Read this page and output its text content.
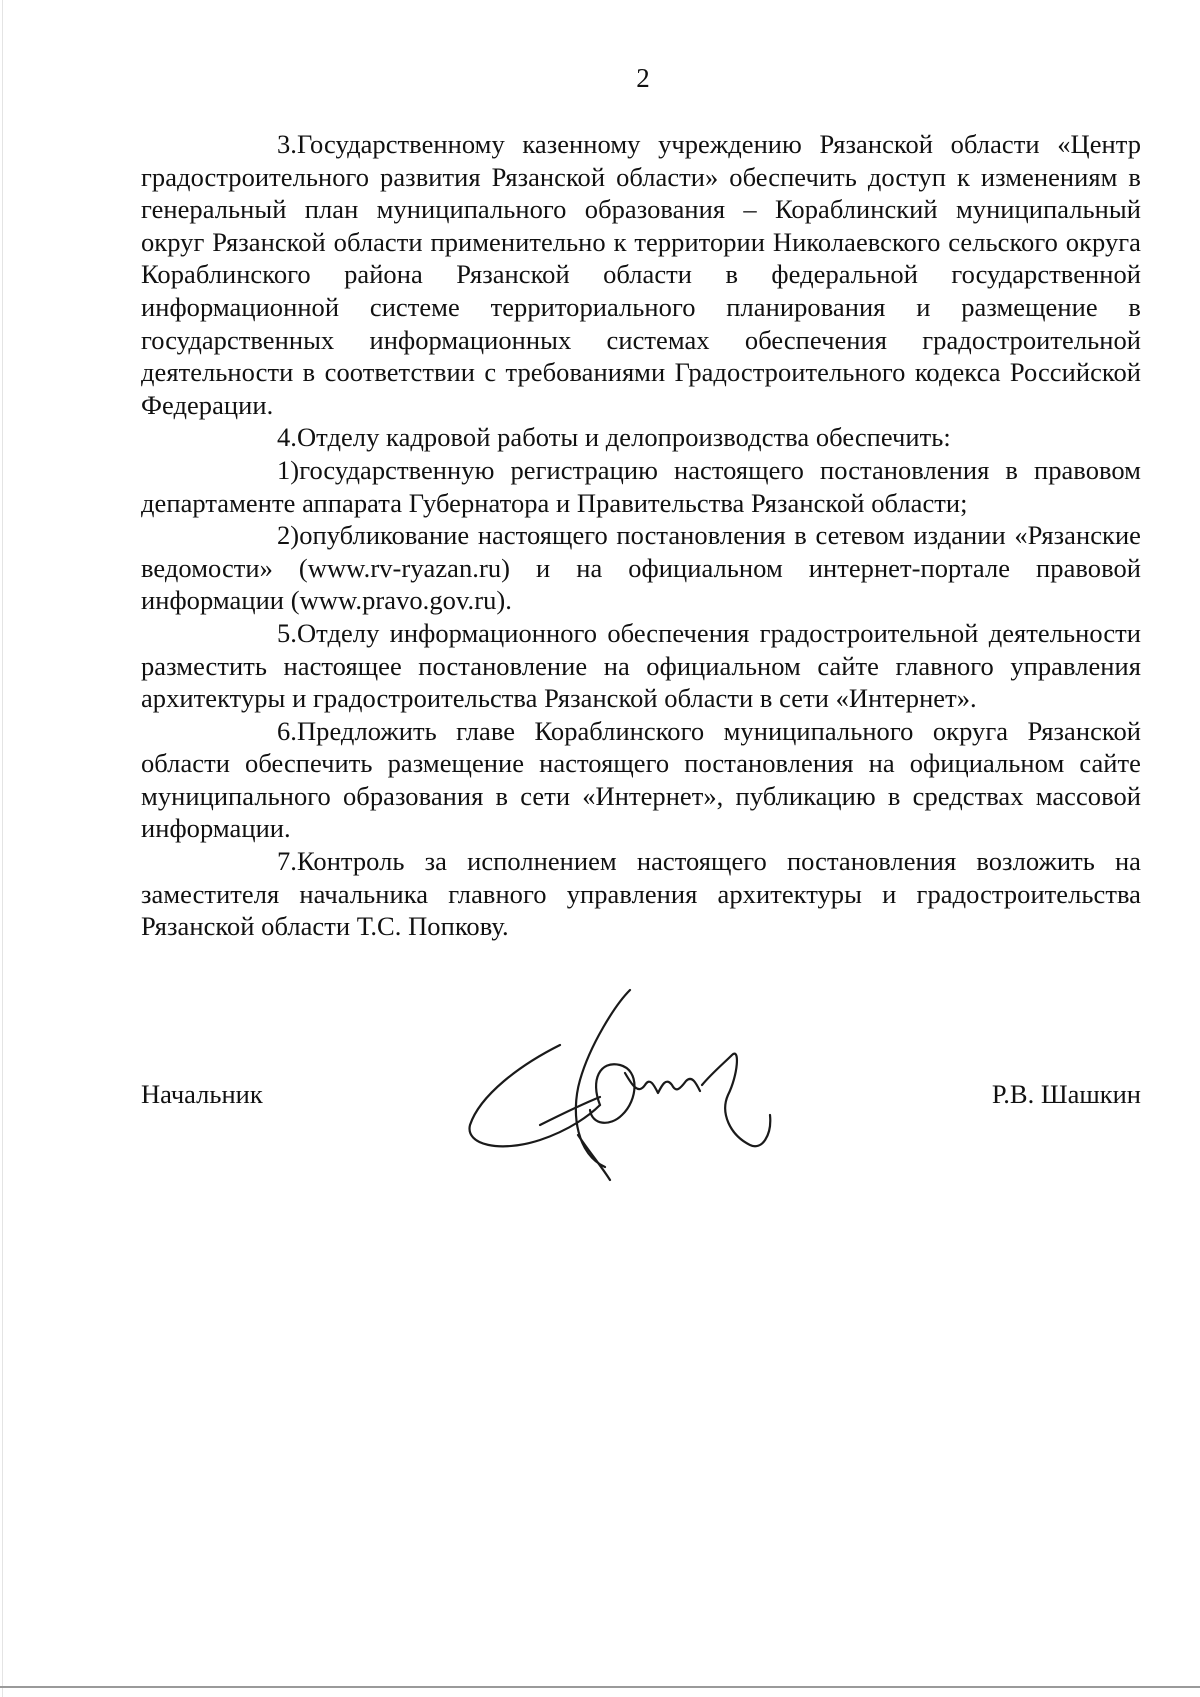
2

3.Государственному казенному учреждению Рязанской области «Центр градостроительного развития Рязанской области» обеспечить доступ к изменениям в генеральный план муниципального образования – Кораблинский муниципальный округ Рязанской области применительно к территории Николаевского сельского округа Кораблинского района Рязанской области в федеральной государственной информационной системе территориального планирования и размещение в государственных информационных системах обеспечения градостроительной деятельности в соответствии с требованиями Градостроительного кодекса Российской Федерации.

4.Отделу кадровой работы и делопроизводства обеспечить:

1)государственную регистрацию настоящего постановления в правовом департаменте аппарата Губернатора и Правительства Рязанской области;

2)опубликование настоящего постановления в сетевом издании «Рязанские ведомости» (www.rv-ryazan.ru) и на официальном интернет-портале правовой информации (www.pravo.gov.ru).

5.Отделу информационного обеспечения градостроительной деятельности разместить настоящее постановление на официальном сайте главного управления архитектуры и градостроительства Рязанской области в сети «Интернет».

6.Предложить главе Кораблинского муниципального округа Рязанской области обеспечить размещение настоящего постановления на официальном сайте муниципального образования в сети «Интернет», публикацию в средствах массовой информации.

7.Контроль за исполнением настоящего постановления возложить на заместителя начальника главного управления архитектуры и градостроительства Рязанской области Т.С. Попкову.

Начальник	Р.В. Шашкин
